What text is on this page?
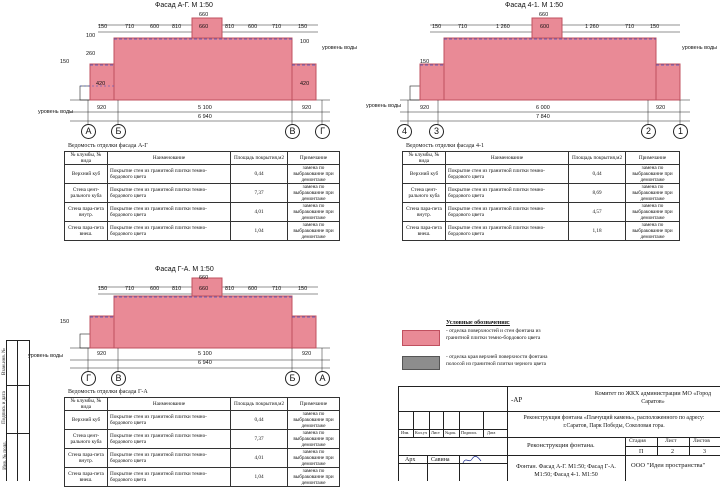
Фасад А-Г. М 1:50
660
150	710	600 810	660	810	600	710	150
100
260
150
100
уровень воды
420	420
уровень воды
920	5 100	920
6 940
А	Б	В	Г
Фасад 4-1. М 1:50
660
150	710	1 260	600	1 260	710	150
150
уровень воды
уровень воды	920	6 000	920
7 840
4	3	2	1
Ведомость отделки фасада А-Г
№ клумбы, № вида	Наименование	Площадь покрытия,м2	Примечание
Верхний куб	Покрытие стен из гранитной плитки темно-бордового цвета	0,44	замена по выбракованне при демонтаже
Стена цент-рального куба	Покрытие стен из гранитной плитки темно-бордового цвета	7,37	замена по выбракованне при демонтаже
Стена пара-пета внутр.	Покрытие стен из гранитной плитки темно-бордового цвета	4,01	замена по выбракованне при демонтаже
Стена пара-пета внеш.	Покрытие стен из гранитной плитки темно-бордового цвета	1,04	замена по выбракованне при демонтаже
Ведомость отделки фасада 4-1
№ клумбы, № вида	Наименование	Площадь покрытия,м2	Примечание
Верхний куб	Покрытие стен из гранитной плитки темно-бордового цвета	0,44	замена по выбракованне при демонтаже
Стена цент-рального куба	Покрытие стен из гранитной плитки темно-бордового цвета	8,69	замена по выбракованне при демонтаже
Стена пара-пета внутр.	Покрытие стен из гранитной плитки темно-бордового цвета	4,57	замена по выбракованне при демонтаже
Стена пара-пета внеш.	Покрытие стен из гранитной плитки темно-бордового цвета	1,18	замена по выбракованне при демонтаже
Фасад Г-А. М 1:50
660
150	710	600 810	660	810	600	710	150
150
уровень воды	920	5 100	920
6 940
Г	В	Б	А
Условные обозначения:
- отделка поверхностей и стен фонтана из гранитной плитки темно-бордового цвета
- отделка края верхней поверхности фонтана полосой из гранитной плитки черного цвета
Ведомость отделки фасада Г-А
№ клумбы, № вида	Наименование	Площадь покрытия,м2	Примечание
Верхний куб	Покрытие стен из гранитной плитки темно-бордового цвета	0,44	замена по выбракованне при демонтаже
Стена цент-рального куба	Покрытие стен из гранитной плитки темно-бордового цвета	7,37	замена по выбракованне при демонтаже
Стена пара-пета внутр.	Покрытие стен из гранитной плитки темно-бордового цвета	4,01	замена по выбракованне при демонтаже
Стена пара-пета внеш.	Покрытие стен из гранитной плитки темно-бордового цвета	1,04	замена по выбракованне при демонтаже
Взам.инв. №
Подпись и дата
Инв. № подл.
-АР
Комитет по ЖКХ администрации МО «Город Саратов»
Реконструкция фонтана «Плачущий камень», расположенного по адресу: г.Саратов, Парк Победы, Соколовая гора.
Изм. Кол.уч Лист №док. Подпись	Дата
Реконструкция фонтана.
Стадия	Лист	Листов
П	2	3
Арх	Савина
Фонтан. Фасад А-Г. М1:50; Фасад Г-А. М1:50; Фасад 4-1. М1:50
ООО "Идеи пространства"
